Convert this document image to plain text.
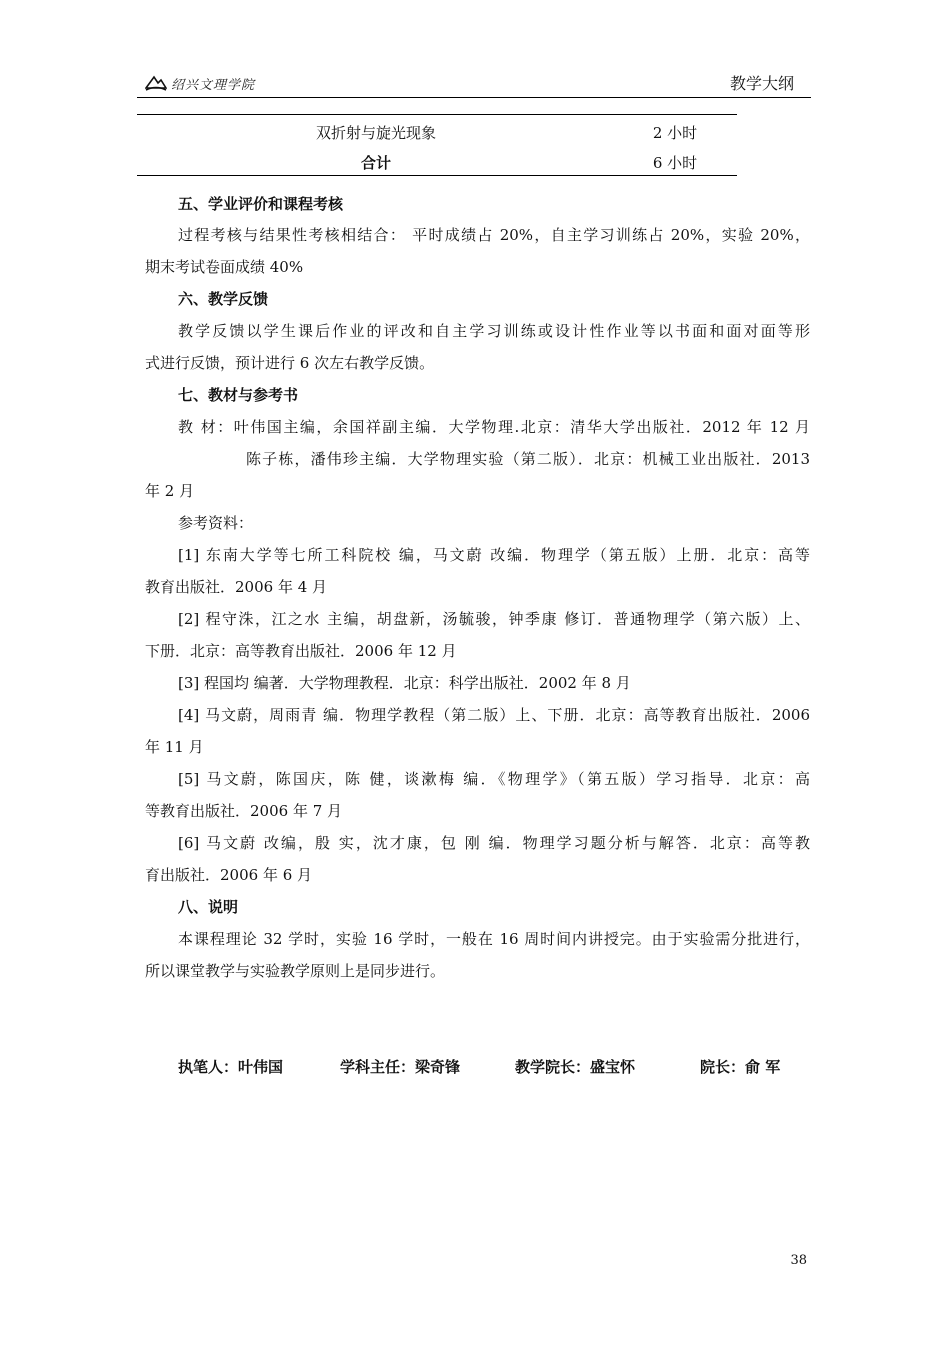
绍兴文理学院	教学大纲
双折射与旋光现象	2 小时
合计	6 小时
五、学业评价和课程考核
过程考核与结果性考核相结合： 平时成绩占 20%，自主学习训练占 20%，实验 20%，
期末考试卷面成绩 40%
六、教学反馈
教学反馈以学生课后作业的评改和自主学习训练或设计性作业等以书面和面对面等形
式进行反馈，预计进行 6 次左右教学反馈。
七、教材与参考书
教 材：叶伟国主编，余国祥副主编．大学物理.北京：清华大学出版社．2012 年 12 月
陈子栋，潘伟珍主编．大学物理实验（第二版）．北京：机械工业出版社．2013
年 2 月
参考资料：
[1] 东南大学等七所工科院校 编，马文蔚 改编．物理学（第五版）上册．北京：高等
教育出版社．2006 年 4 月
[2] 程守洙，江之水 主编，胡盘新，汤毓骏，钟季康 修订．普通物理学（第六版）上、
下册．北京：高等教育出版社．2006 年 12 月
[3] 程国均 编著．大学物理教程．北京：科学出版社．2002 年 8 月
[4] 马文蔚，周雨青 编．物理学教程（第二版）上、下册．北京：高等教育出版社．2006
年 11 月
[5] 马文蔚，陈国庆，陈 健，谈漱梅 编．《物理学》（第五版）学习指导．北京：高
等教育出版社．2006 年 7 月
[6] 马文蔚 改编，殷 实，沈才康，包 刚 编．物理学习题分析与解答．北京：高等教
育出版社．2006 年 6 月
八、说明
本课程理论 32 学时，实验 16 学时，一般在 16 周时间内讲授完。由于实验需分批进行，
所以课堂教学与实验教学原则上是同步进行。
执笔人：叶伟国	学科主任：梁奇锋	教学院长：盛宝怀	院长：俞 军
38
